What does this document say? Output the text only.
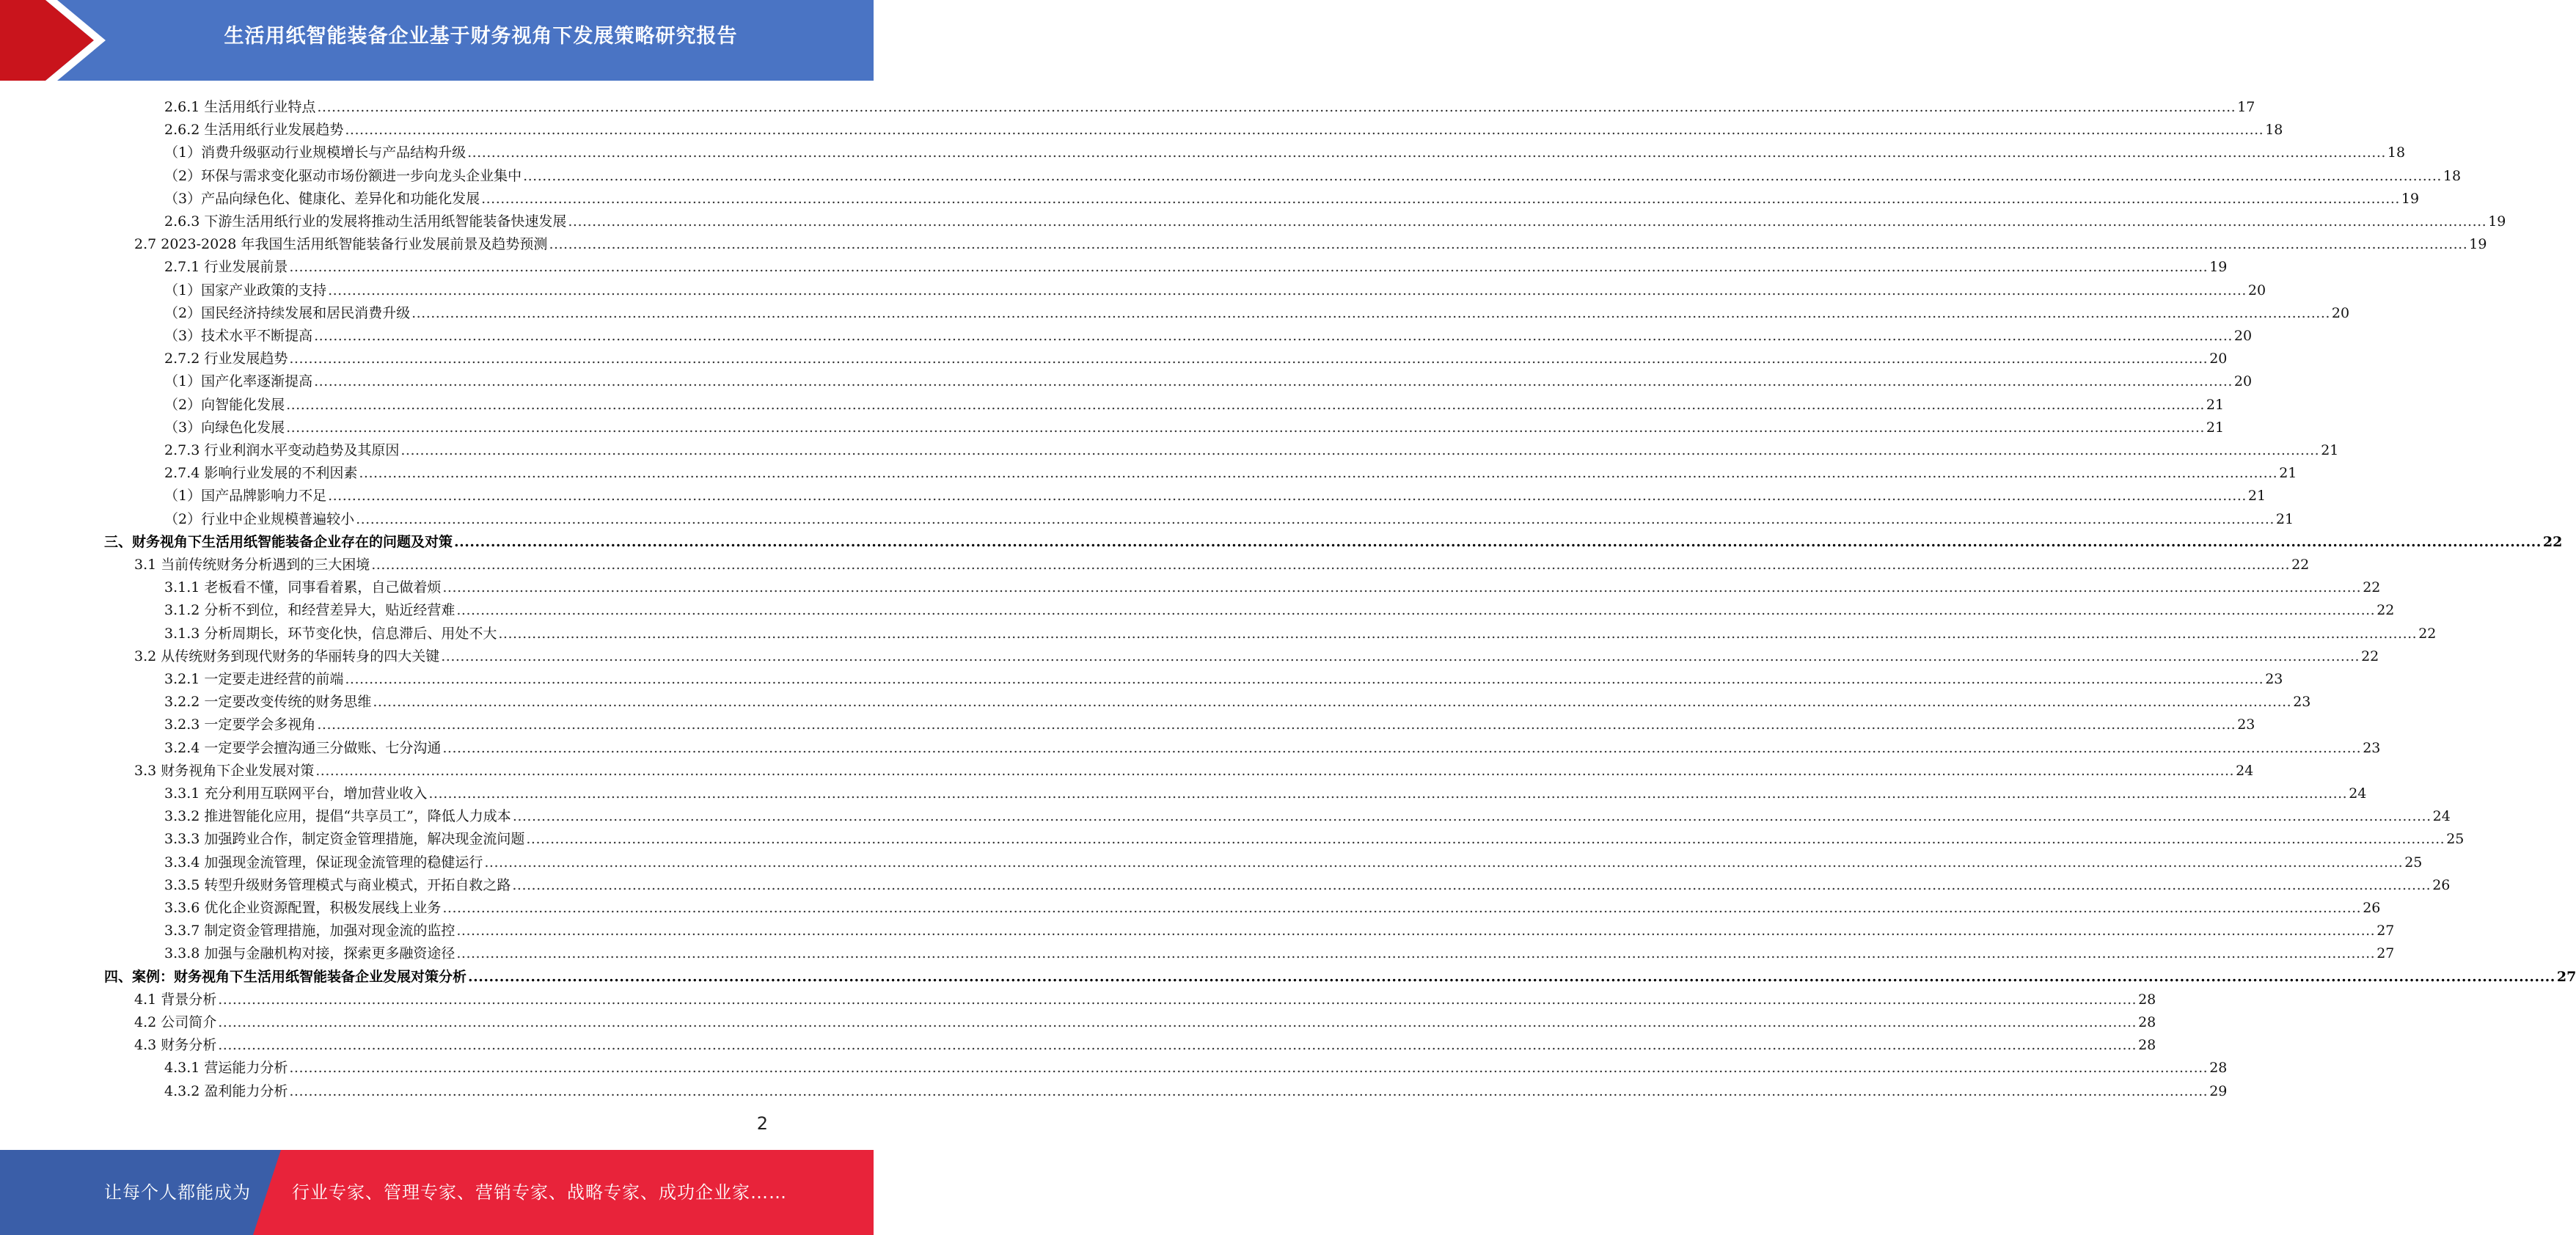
生活用纸智能装备企业基于财务视角下发展策略研究报告
2.6.1 生活用纸行业特点 ................................................................................................................................................................................................................................................................................................................................................................................................................ 17
2.6.2 生活用纸行业发展趋势 ................................................................................................................................................................................................................................................................................................................................................................................................................ 18
（1）消费升级驱动行业规模增长与产品结构升级 ................................................................................................................................................................................................................................................................................................................................................................................................................ 18
（2）环保与需求变化驱动市场份额进一步向龙头企业集中 ................................................................................................................................................................................................................................................................................................................................................................................................................ 18
（3）产品向绿色化、健康化、差异化和功能化发展 ................................................................................................................................................................................................................................................................................................................................................................................................................ 19
2.6.3 下游生活用纸行业的发展将推动生活用纸智能装备快速发展 ................................................................................................................................................................................................................................................................................................................................................................................................................ 19
2.7 2023-2028 年我国生活用纸智能装备行业发展前景及趋势预测 ................................................................................................................................................................................................................................................................................................................................................................................................................ 19
2.7.1 行业发展前景 ................................................................................................................................................................................................................................................................................................................................................................................................................ 19
（1）国家产业政策的支持 ................................................................................................................................................................................................................................................................................................................................................................................................................ 20
（2）国民经济持续发展和居民消费升级 ................................................................................................................................................................................................................................................................................................................................................................................................................ 20
（3）技术水平不断提高 ................................................................................................................................................................................................................................................................................................................................................................................................................ 20
2.7.2 行业发展趋势 ................................................................................................................................................................................................................................................................................................................................................................................................................ 20
（1）国产化率逐渐提高 ................................................................................................................................................................................................................................................................................................................................................................................................................ 20
（2）向智能化发展 ................................................................................................................................................................................................................................................................................................................................................................................................................ 21
（3）向绿色化发展 ................................................................................................................................................................................................................................................................................................................................................................................................................ 21
2.7.3 行业利润水平变动趋势及其原因 ................................................................................................................................................................................................................................................................................................................................................................................................................ 21
2.7.4 影响行业发展的不利因素 ................................................................................................................................................................................................................................................................................................................................................................................................................ 21
（1）国产品牌影响力不足 ................................................................................................................................................................................................................................................................................................................................................................................................................ 21
（2）行业中企业规模普遍较小 ................................................................................................................................................................................................................................................................................................................................................................................................................ 21
三、财务视角下生活用纸智能装备企业存在的问题及对策 ................................................................................................................................................................................................................................................................................................................................................................................................................ 22
3.1 当前传统财务分析遇到的三大困境 ................................................................................................................................................................................................................................................................................................................................................................................................................ 22
3.1.1 老板看不懂，同事看着累，自己做着烦 ................................................................................................................................................................................................................................................................................................................................................................................................................ 22
3.1.2 分析不到位，和经营差异大，贴近经营难 ................................................................................................................................................................................................................................................................................................................................................................................................................ 22
3.1.3 分析周期长，环节变化快，信息滞后、用处不大 ................................................................................................................................................................................................................................................................................................................................................................................................................ 22
3.2 从传统财务到现代财务的华丽转身的四大关键 ................................................................................................................................................................................................................................................................................................................................................................................................................ 22
3.2.1 一定要走进经营的前端 ................................................................................................................................................................................................................................................................................................................................................................................................................ 23
3.2.2 一定要改变传统的财务思维 ................................................................................................................................................................................................................................................................................................................................................................................................................ 23
3.2.3 一定要学会多视角 ................................................................................................................................................................................................................................................................................................................................................................................................................ 23
3.2.4 一定要学会擅沟通三分做账、七分沟通 ................................................................................................................................................................................................................................................................................................................................................................................................................ 23
3.3 财务视角下企业发展对策 ................................................................................................................................................................................................................................................................................................................................................................................................................ 24
3.3.1 充分利用互联网平台，增加营业收入 ................................................................................................................................................................................................................................................................................................................................................................................................................ 24
3.3.2 推进智能化应用，提倡“共享员工”，降低人力成本 ................................................................................................................................................................................................................................................................................................................................................................................................................ 24
3.3.3 加强跨业合作，制定资金管理措施，解决现金流问题 ................................................................................................................................................................................................................................................................................................................................................................................................................ 25
3.3.4 加强现金流管理，保证现金流管理的稳健运行 ................................................................................................................................................................................................................................................................................................................................................................................................................ 25
3.3.5 转型升级财务管理模式与商业模式，开拓自救之路 ................................................................................................................................................................................................................................................................................................................................................................................................................ 26
3.3.6 优化企业资源配置，积极发展线上业务 ................................................................................................................................................................................................................................................................................................................................................................................................................ 26
3.3.7 制定资金管理措施，加强对现金流的监控 ................................................................................................................................................................................................................................................................................................................................................................................................................ 27
3.3.8 加强与金融机构对接，探索更多融资途径 ................................................................................................................................................................................................................................................................................................................................................................................................................ 27
四、案例：财务视角下生活用纸智能装备企业发展对策分析 ................................................................................................................................................................................................................................................................................................................................................................................................................ 27
4.1 背景分析 ................................................................................................................................................................................................................................................................................................................................................................................................................ 28
4.2 公司简介 ................................................................................................................................................................................................................................................................................................................................................................................................................ 28
4.3 财务分析 ................................................................................................................................................................................................................................................................................................................................................................................................................ 28
4.3.1 营运能力分析 ................................................................................................................................................................................................................................................................................................................................................................................................................ 28
4.3.2 盈利能力分析 ................................................................................................................................................................................................................................................................................................................................................................................................................ 29
2
让每个人都能成为 行业专家、管理专家、营销专家、战略专家、成功企业家……
